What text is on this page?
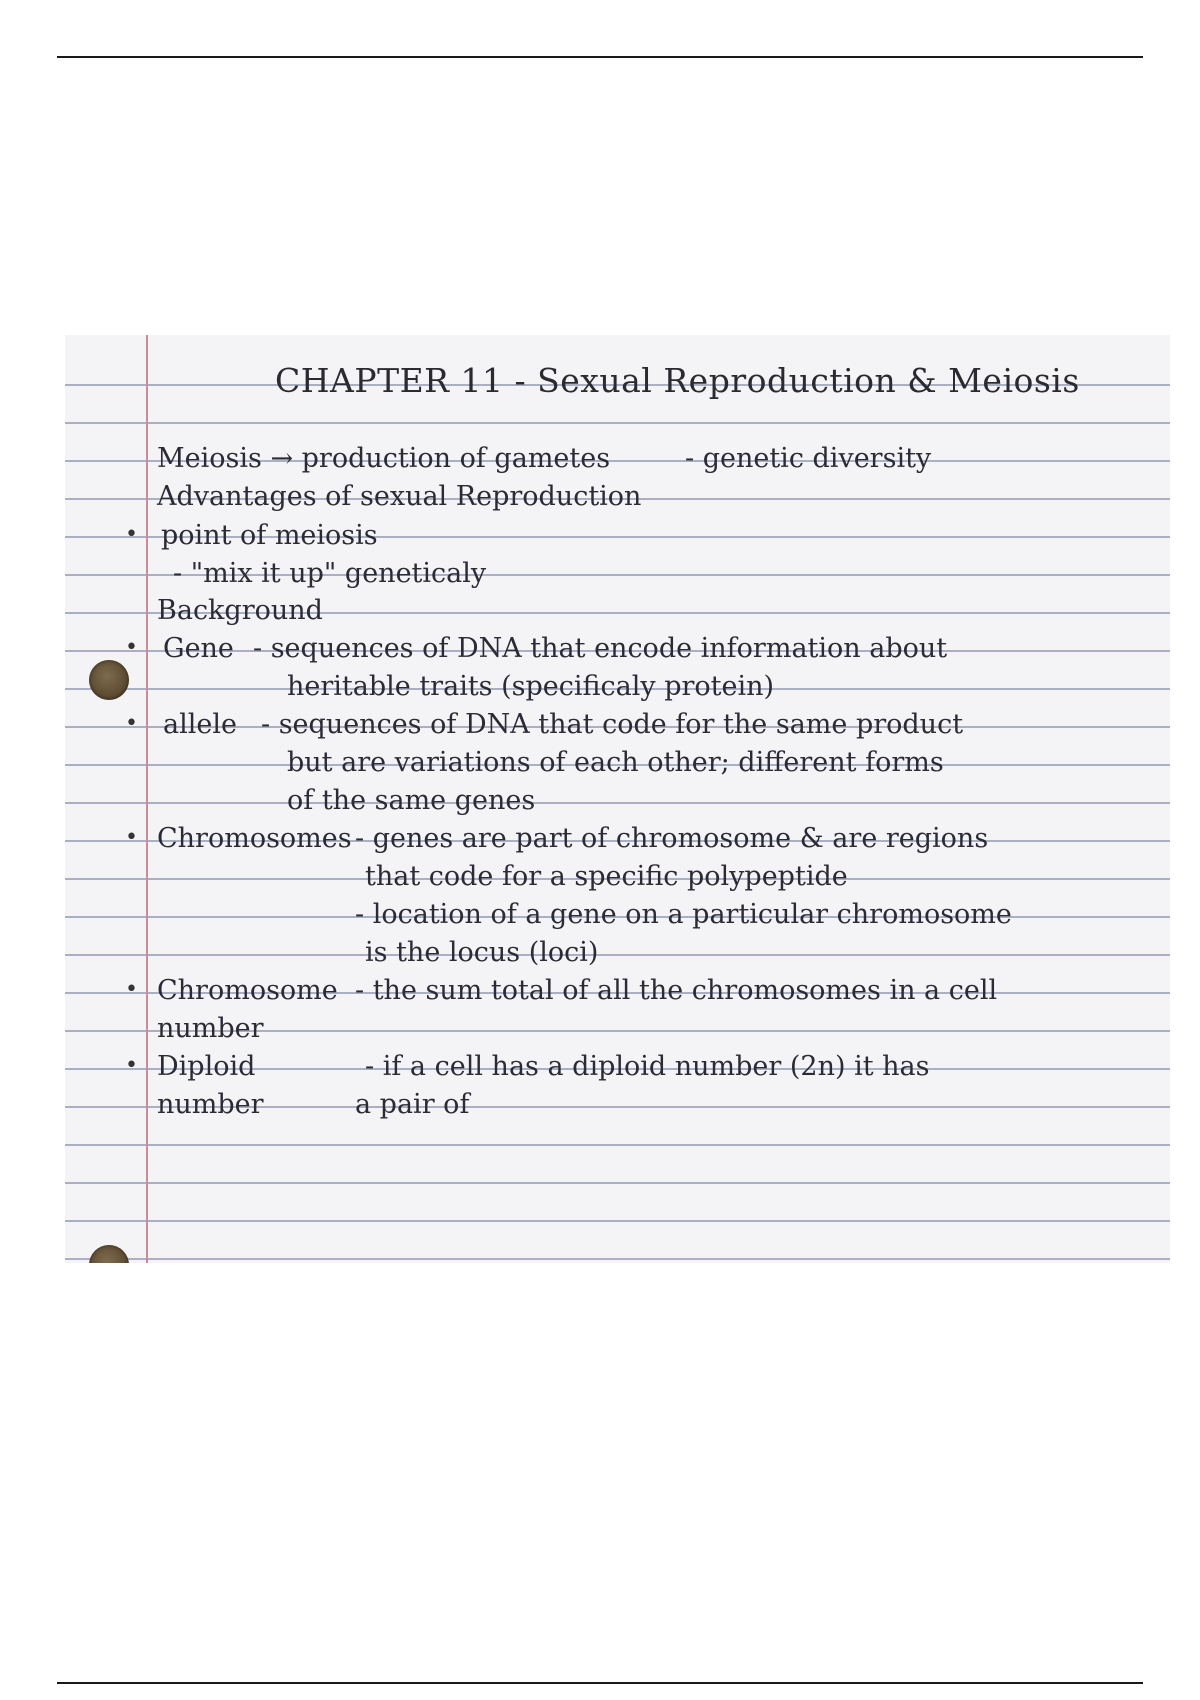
CHAPTER 11 - Sexual Reproduction & Meiosis
Meiosis → production of gametes	- genetic diversity
Advantages of sexual Reproduction
• point of meiosis
- "mix it up" geneticaly
Background
• Gene - sequences of DNA that encode information about
heritable traits (specificaly protein)
• allele - sequences of DNA that code for the same product
but are variations of each other; different forms
of the same genes
• Chromosomes - genes are part of chromosome & are regions
that code for a specific polypeptide
- location of a gene on a particular chromosome
is the locus (loci)
• Chromosome - the sum total of all the chromosomes in a cell
number
• Diploid	- if a cell has a diploid number (2n) it has
number	a pair of
